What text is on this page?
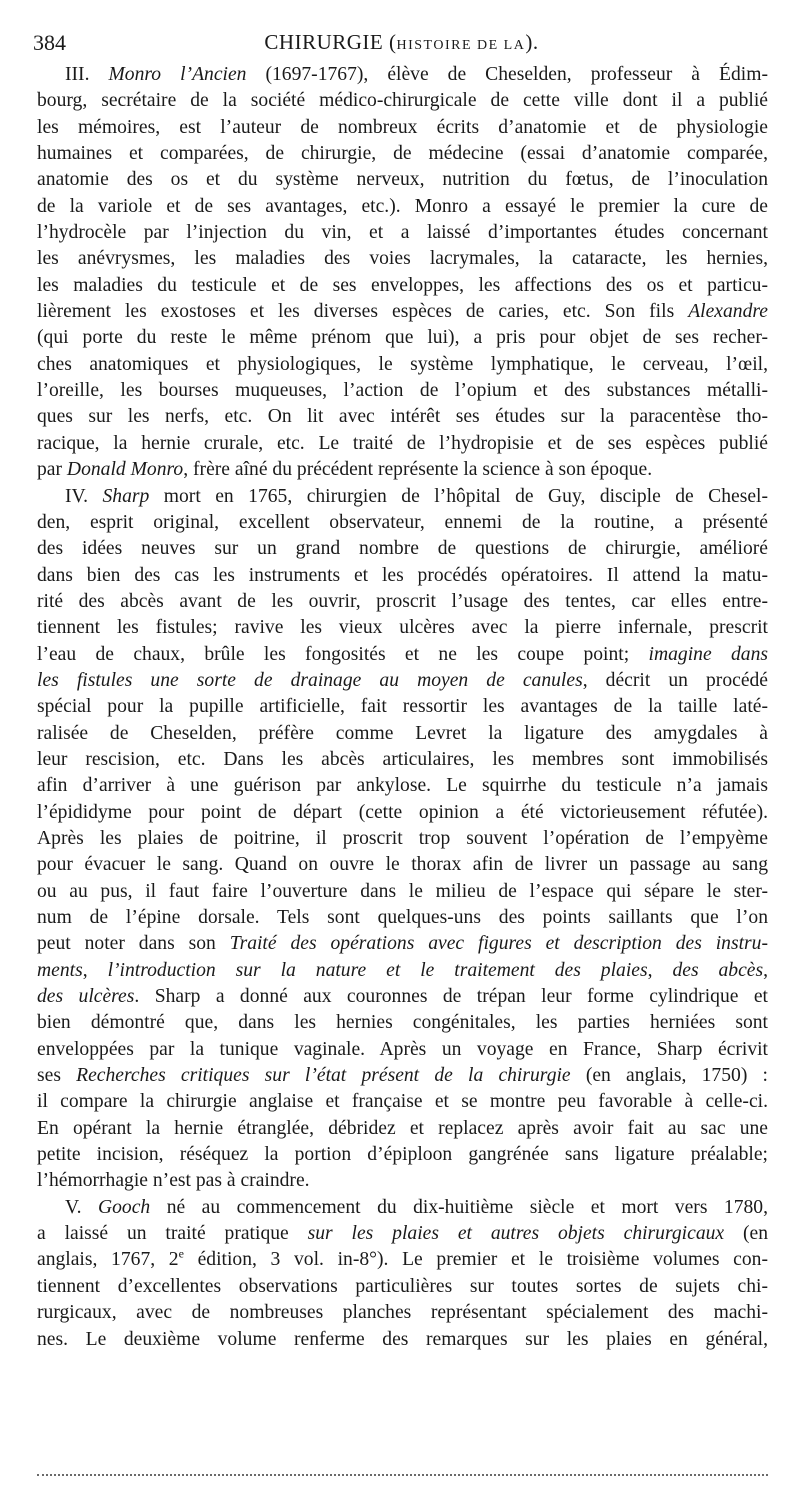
384	CHIRURGIE (HISTOIRE DE LA).
III. Monro l’Ancien (1697-1767), élève de Cheselden, professeur à Édim-
bourg, secrétaire de la société médico-chirurgicale de cette ville dont il a publié
les mémoires, est l’auteur de nombreux écrits d’anatomie et de physiologie
humaines et comparées, de chirurgie, de médecine (essai d’anatomie comparée,
anatomie des os et du système nerveux, nutrition du fœtus, de l’inoculation
de la variole et de ses avantages, etc.). Monro a essayé le premier la cure de
l’hydrocèle par l’injection du vin, et a laissé d’importantes études concernant
les anévrysmes, les maladies des voies lacrymales, la cataracte, les hernies,
les maladies du testicule et de ses enveloppes, les affections des os et particu-
lièrement les exostoses et les diverses espèces de caries, etc. Son fils Alexandre
(qui porte du reste le même prénom que lui), a pris pour objet de ses recher-
ches anatomiques et physiologiques, le système lymphatique, le cerveau, l’œil,
l’oreille, les bourses muqueuses, l’action de l’opium et des substances métalli-
ques sur les nerfs, etc. On lit avec intérêt ses études sur la paracentèse tho-
racique, la hernie crurale, etc. Le traité de l’hydropisie et de ses espèces publié
par Donald Monro, frère aîné du précédent représente la science à son époque.
IV. Sharp mort en 1765, chirurgien de l’hôpital de Guy, disciple de Chesel-
den, esprit original, excellent observateur, ennemi de la routine, a présenté
des idées neuves sur un grand nombre de questions de chirurgie, amélioré
dans bien des cas les instruments et les procédés opératoires. Il attend la matu-
rité des abcès avant de les ouvrir, proscrit l’usage des tentes, car elles entre-
tiennent les fistules; ravive les vieux ulcères avec la pierre infernale, prescrit
l’eau de chaux, brûle les fongosités et ne les coupe point; imagine dans
les fistules une sorte de drainage au moyen de canules, décrit un procédé
spécial pour la pupille artificielle, fait ressortir les avantages de la taille laté-
ralisée de Cheselden, préfère comme Levret la ligature des amygdales à
leur rescision, etc. Dans les abcès articulaires, les membres sont immobilisés
afin d’arriver à une guérison par ankylose. Le squirrhe du testicule n’a jamais
l’épididyme pour point de départ (cette opinion a été victorieusement réfutée).
Après les plaies de poitrine, il proscrit trop souvent l’opération de l’empyème
pour évacuer le sang. Quand on ouvre le thorax afin de livrer un passage au sang
ou au pus, il faut faire l’ouverture dans le milieu de l’espace qui sépare le ster-
num de l’épine dorsale. Tels sont quelques-uns des points saillants que l’on
peut noter dans son Traité des opérations avec figures et description des instru-
ments, l’introduction sur la nature et le traitement des plaies, des abcès,
des ulcères. Sharp a donné aux couronnes de trépan leur forme cylindrique et
bien démontré que, dans les hernies congénitales, les parties herniées sont
enveloppées par la tunique vaginale. Après un voyage en France, Sharp écrivit
ses Recherches critiques sur l’état présent de la chirurgie (en anglais, 1750) :
il compare la chirurgie anglaise et française et se montre peu favorable à celle-ci.
En opérant la hernie étranglée, débridez et replacez après avoir fait au sac une
petite incision, réséquez la portion d’épiploon gangrénée sans ligature préalable;
l’hémorrhagie n’est pas à craindre.
V. Gooch né au commencement du dix-huitième siècle et mort vers 1780,
a laissé un traité pratique sur les plaies et autres objets chirurgicaux (en
anglais, 1767, 2e édition, 3 vol. in-8°). Le premier et le troisième volumes con-
tiennent d’excellentes observations particulières sur toutes sortes de sujets chi-
rurgicaux, avec de nombreuses planches représentant spécialement des machi-
nes. Le deuxième volume renferme des remarques sur les plaies en général,
